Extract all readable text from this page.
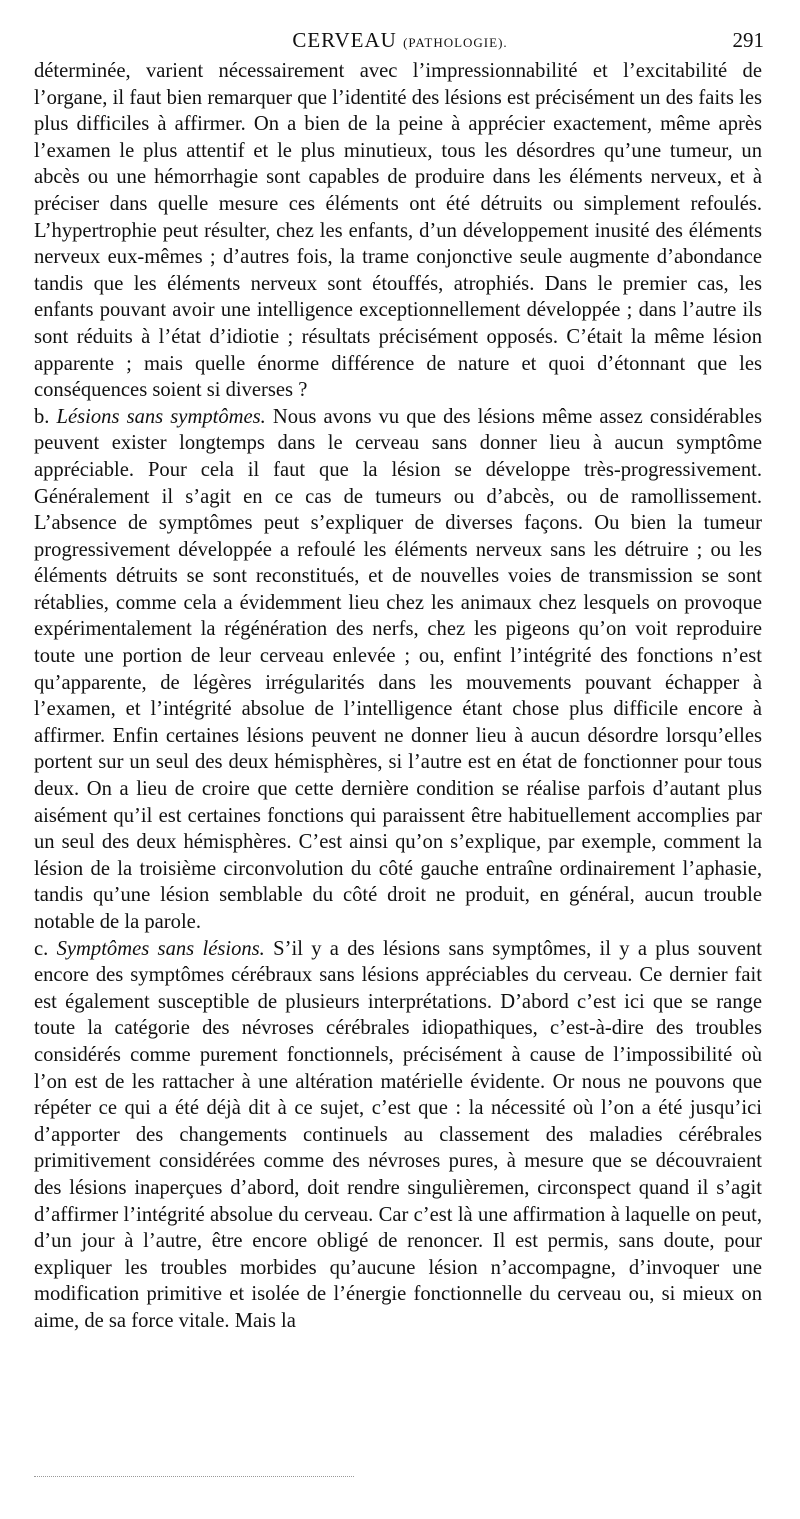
CERVEAU (PATHOLOGIE).	291

déterminée, varient nécessairement avec l’impressionnabilité et l’excitabilité de l’organe, il faut bien remarquer que l’identité des lésions est précisément un des faits les plus difficiles à affirmer. On a bien de la peine à apprécier exactement, même après l’examen le plus attentif et le plus minutieux, tous les désordres qu’une tumeur, un abcès ou une hémorrhagie sont capables de produire dans les éléments nerveux, et à préciser dans quelle mesure ces éléments ont été détruits ou simplement refoulés. L’hypertrophie peut résulter, chez les enfants, d’un développement inusité des éléments nerveux eux-mêmes ; d’autres fois, la trame conjonctive seule augmente d’abondance tandis que les éléments nerveux sont étouffés, atrophiés. Dans le premier cas, les enfants pouvant avoir une intelligence exceptionnellement développée ; dans l’autre ils sont réduits à l’état d’idiotie ; résultats précisément opposés. C’était la même lésion apparente ; mais quelle énorme différence de nature et quoi d’étonnant que les conséquences soient si diverses ?

b. Lésions sans symptômes. Nous avons vu que des lésions même assez considérables peuvent exister longtemps dans le cerveau sans donner lieu à aucun symptôme appréciable. Pour cela il faut que la lésion se développe très-progressivement. Généralement il s’agit en ce cas de tumeurs ou d’abcès, ou de ramollissement. L’absence de symptômes peut s’expliquer de diverses façons. Ou bien la tumeur progressivement développée a refoulé les éléments nerveux sans les détruire ; ou les éléments détruits se sont reconstitués, et de nouvelles voies de transmission se sont rétablies, comme cela a évidemment lieu chez les animaux chez lesquels on provoque expérimentalement la régénération des nerfs, chez les pigeons qu’on voit reproduire toute une portion de leur cerveau enlevée ; ou, enfint l’intégrité des fonctions n’est qu’apparente, de légères irrégularités dans les mouvements pouvant échapper à l’examen, et l’intégrité absolue de l’intelligence étant chose plus difficile encore à affirmer. Enfin certaines lésions peuvent ne donner lieu à aucun désordre lorsqu’elles portent sur un seul des deux hémisphères, si l’autre est en état de fonctionner pour tous deux. On a lieu de croire que cette dernière condition se réalise parfois d’autant plus aisément qu’il est certaines fonctions qui paraissent être habituellement accomplies par un seul des deux hémisphères. C’est ainsi qu’on s’explique, par exemple, comment la lésion de la troisième circonvolution du côté gauche entraîne ordinairement l’aphasie, tandis qu’une lésion semblable du côté droit ne produit, en général, aucun trouble notable de la parole.

c. Symptômes sans lésions. S’il y a des lésions sans symptômes, il y a plus souvent encore des symptômes cérébraux sans lésions appréciables du cerveau. Ce dernier fait est également susceptible de plusieurs interprétations. D’abord c’est ici que se range toute la catégorie des névroses cérébrales idiopathiques, c’est-à-dire des troubles considérés comme purement fonctionnels, précisément à cause de l’impossibilité où l’on est de les rattacher à une altération matérielle évidente. Or nous ne pouvons que répéter ce qui a été déjà dit à ce sujet, c’est que : la nécessité où l’on a été jusqu’ici d’apporter des changements continuels au classement des maladies cérébrales primitivement considérées comme des névroses pures, à mesure que se découvraient des lésions inaperçues d’abord, doit rendre singulièremen, circonspect quand il s’agit d’affirmer l’intégrité absolue du cerveau. Car c’est là une affirmation à laquelle on peut, d’un jour à l’autre, être encore obligé de renoncer. Il est permis, sans doute, pour expliquer les troubles morbides qu’aucune lésion n’accompagne, d’invoquer une modification primitive et isolée de l’énergie fonctionnelle du cerveau ou, si mieux on aime, de sa force vitale. Mais la
